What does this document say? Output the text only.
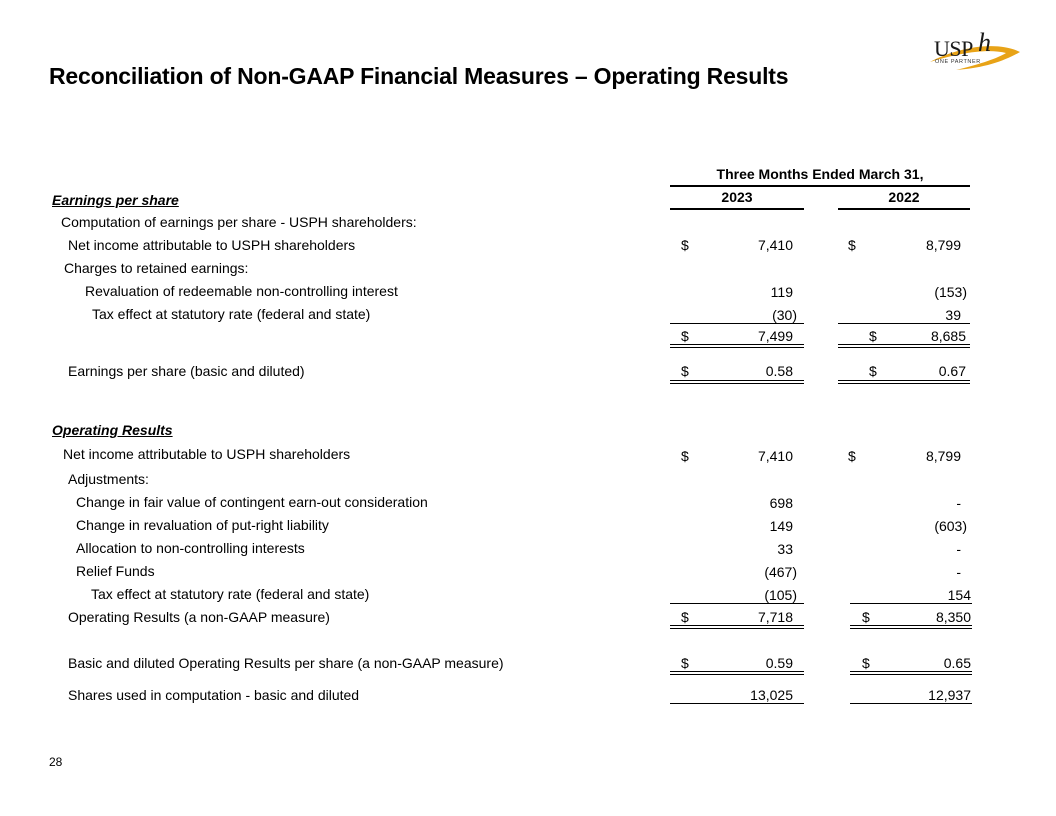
Reconciliation of Non-GAAP Financial Measures – Operating Results
USP h
ONE PARTNER
Three Months Ended March 31,
2023	2022
Earnings per share
Computation of earnings per share - USPH shareholders:
Net income attributable to USPH shareholders	$	7,410	$	8,799
Charges to retained earnings:
Revaluation of redeemable non-controlling interest	119	(153)
Tax effect at statutory rate (federal and state)	(30)	39
$	7,499	$	8,685
Earnings per share (basic and diluted)	$	0.58	$	0.67
Operating Results
Net income attributable to USPH shareholders	$	7,410	$	8,799
Adjustments:
Change in fair value of contingent earn-out consideration	698	-
Change in revaluation of put-right liability	149	(603)
Allocation to non-controlling interests	33	-
Relief Funds	(467)	-
Tax effect at statutory rate (federal and state)	(105)	154
Operating Results (a non-GAAP measure)	$	7,718	$	8,350
Basic and diluted Operating Results per share (a non-GAAP measure)	$	0.59	$	0.65
Shares used in computation - basic and diluted	13,025	12,937
28
